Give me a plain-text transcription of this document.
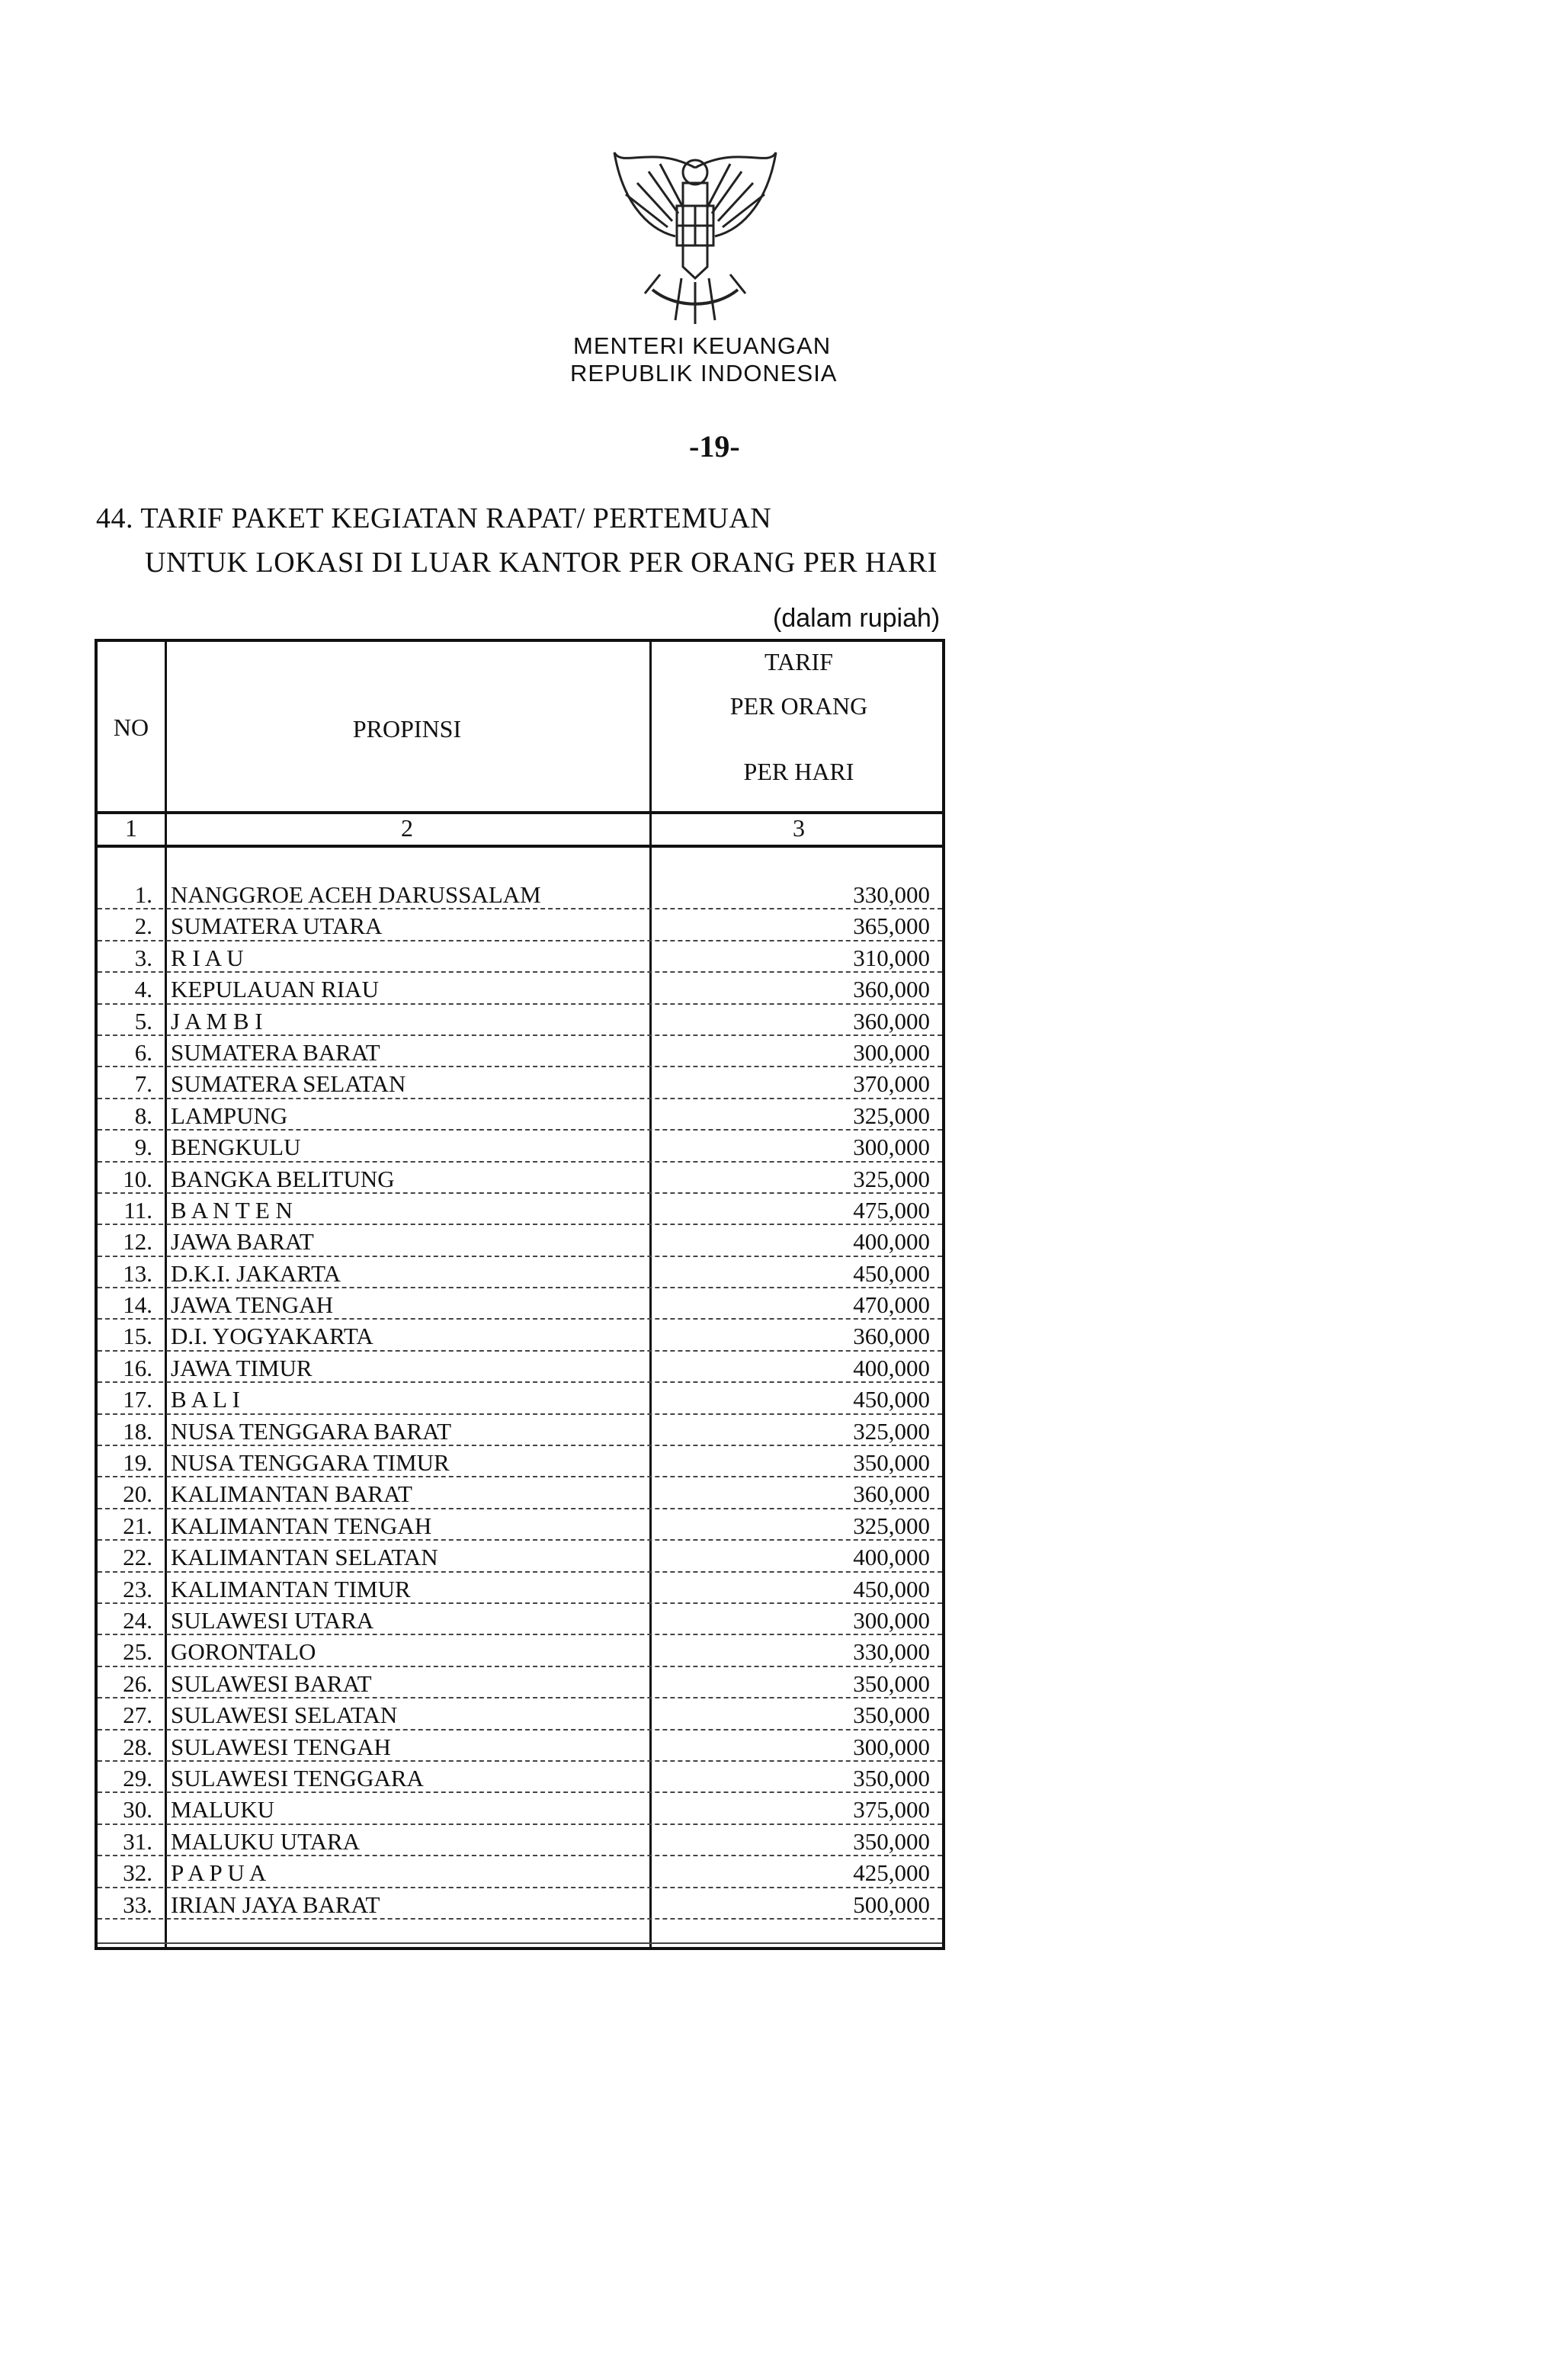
MENTERI KEUANGAN
REPUBLIK INDONESIA
-19-
44. TARIF PAKET KEGIATAN RAPAT/ PERTEMUAN
UNTUK LOKASI DI LUAR KANTOR PER ORANG PER HARI
(dalam rupiah)
NO	PROPINSI
TARIF
PER ORANG
PER HARI
1	2	3
1. NANGGROE ACEH DARUSSALAM	330,000
2. SUMATERA UTARA	365,000
3. R I A U	310,000
4. KEPULAUAN RIAU	360,000
5. J A M B I	360,000
6. SUMATERA BARAT	300,000
7. SUMATERA SELATAN	370,000
8. LAMPUNG	325,000
9. BENGKULU	300,000
10. BANGKA BELITUNG	325,000
11. B A N T E N	475,000
12. JAWA BARAT	400,000
13. D.K.I. JAKARTA	450,000
14. JAWA TENGAH	470,000
15. D.I. YOGYAKARTA	360,000
16. JAWA TIMUR	400,000
17. B A L I	450,000
18. NUSA TENGGARA BARAT	325,000
19. NUSA TENGGARA TIMUR	350,000
20. KALIMANTAN BARAT	360,000
21. KALIMANTAN TENGAH	325,000
22. KALIMANTAN SELATAN	400,000
23. KALIMANTAN TIMUR	450,000
24. SULAWESI UTARA	300,000
25. GORONTALO	330,000
26. SULAWESI BARAT	350,000
27. SULAWESI SELATAN	350,000
28. SULAWESI TENGAH	300,000
29. SULAWESI TENGGARA	350,000
30. MALUKU	375,000
31. MALUKU UTARA	350,000
32. P A P U A	425,000
33. IRIAN JAYA BARAT	500,000
